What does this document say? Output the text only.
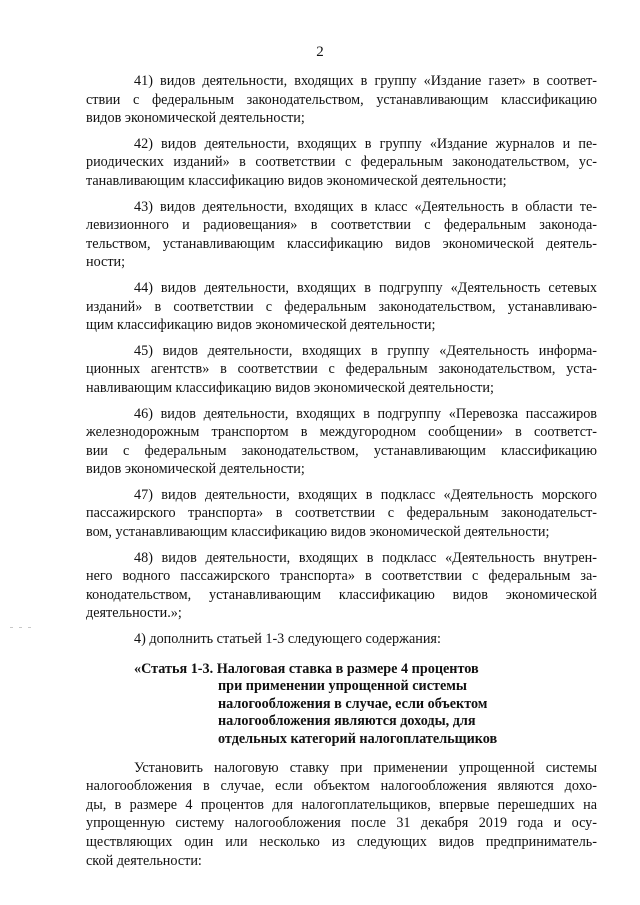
2

41) видов деятельности, входящих в группу «Издание газет» в соответ-

ствии с федеральным законодательством, устанавливающим классификацию

видов экономической деятельности;

42) видов деятельности, входящих в группу «Издание журналов и пе-

риодических изданий» в соответствии с федеральным законодательством, ус-

танавливающим классификацию видов экономической деятельности;

43) видов деятельности, входящих в класс «Деятельность в области те-

левизионного и радиовещания» в соответствии с федеральным законода-

тельством, устанавливающим классификацию видов экономической деятель-

ности;

44) видов деятельности, входящих в подгруппу «Деятельность сетевых

изданий» в соответствии с федеральным законодательством, устанавливаю-

щим классификацию видов экономической деятельности;

45) видов деятельности, входящих в группу «Деятельность информа-

ционных агентств» в соответствии с федеральным законодательством, уста-

навливающим классификацию видов экономической деятельности;

46) видов деятельности, входящих в подгруппу «Перевозка пассажиров

железнодорожным транспортом в междугородном сообщении» в соответст-

вии с федеральным законодательством, устанавливающим классификацию

видов экономической деятельности;

47) видов деятельности, входящих в подкласс «Деятельность морского

пассажирского транспорта» в соответствии с федеральным законодательст-

вом, устанавливающим классификацию видов экономической деятельности;

48) видов деятельности, входящих в подкласс «Деятельность внутрен-

него водного пассажирского транспорта» в соответствии с федеральным за-

конодательством, устанавливающим классификацию видов экономической

деятельности.»;

4) дополнить статьей 1-3 следующего содержания:
«Статья 1-3. Налоговая ставка в размере 4 процентов
при применении упрощенной системы
налогообложения в случае, если объектом
налогообложения являются доходы, для
отдельных категорий налогоплательщиков

Установить налоговую ставку при применении упрощенной системы

налогообложения в случае, если объектом налогообложения являются дохо-

ды, в размере 4 процентов для налогоплательщиков, впервые перешедших на

упрощенную систему налогообложения после 31 декабря 2019 года и осу-

ществляющих один или несколько из следующих видов предприниматель-

ской деятельности:
